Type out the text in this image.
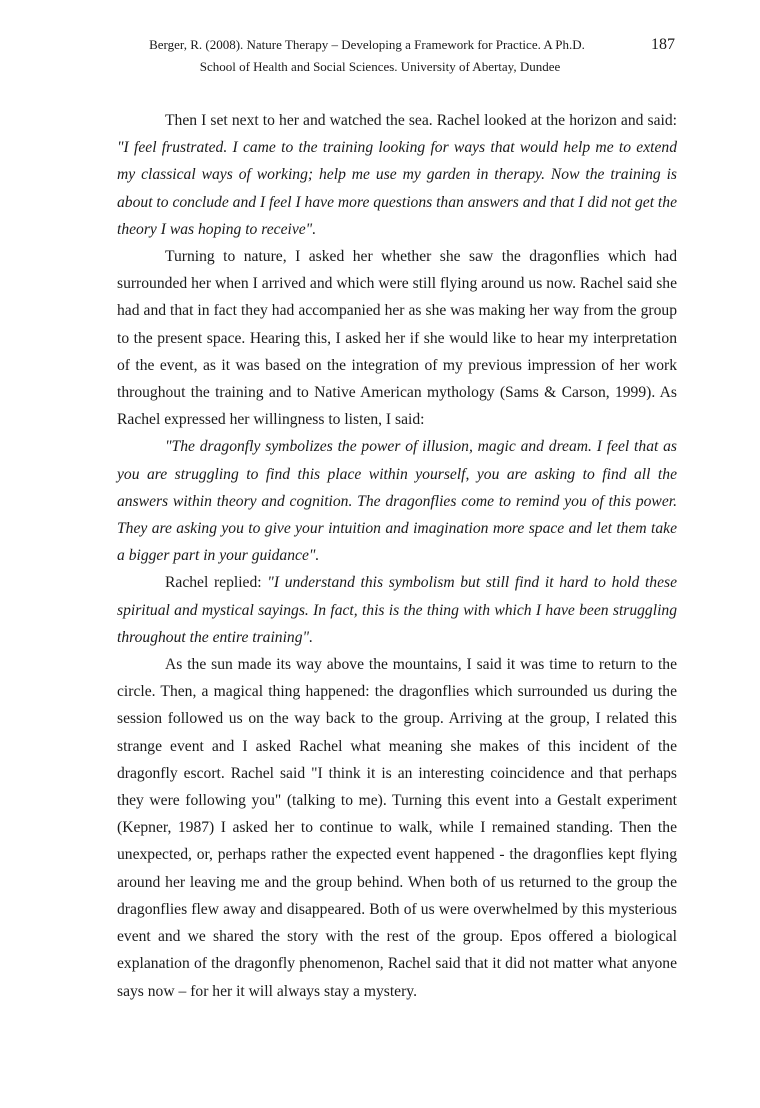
Berger, R. (2008). Nature Therapy – Developing a Framework for Practice. A Ph.D.
School of Health and Social Sciences. University of Abertay, Dundee
187

Then I set next to her and watched the sea. Rachel looked at the horizon and said: "I feel frustrated. I came to the training looking for ways that would help me to extend my classical ways of working; help me use my garden in therapy. Now the training is about to conclude and I feel I have more questions than answers and that I did not get the theory I was hoping to receive".

Turning to nature, I asked her whether she saw the dragonflies which had surrounded her when I arrived and which were still flying around us now. Rachel said she had and that in fact they had accompanied her as she was making her way from the group to the present space. Hearing this, I asked her if she would like to hear my interpretation of the event, as it was based on the integration of my previous impression of her work throughout the training and to Native American mythology (Sams & Carson, 1999). As Rachel expressed her willingness to listen, I said:

"The dragonfly symbolizes the power of illusion, magic and dream. I feel that as you are struggling to find this place within yourself, you are asking to find all the answers within theory and cognition. The dragonflies come to remind you of this power. They are asking you to give your intuition and imagination more space and let them take a bigger part in your guidance".

Rachel replied: "I understand this symbolism but still find it hard to hold these spiritual and mystical sayings. In fact, this is the thing with which I have been struggling throughout the entire training".

As the sun made its way above the mountains, I said it was time to return to the circle. Then, a magical thing happened: the dragonflies which surrounded us during the session followed us on the way back to the group. Arriving at the group, I related this strange event and I asked Rachel what meaning she makes of this incident of the dragonfly escort. Rachel said "I think it is an interesting coincidence and that perhaps they were following you" (talking to me). Turning this event into a Gestalt experiment (Kepner, 1987) I asked her to continue to walk, while I remained standing. Then the unexpected, or, perhaps rather the expected event happened - the dragonflies kept flying around her leaving me and the group behind. When both of us returned to the group the dragonflies flew away and disappeared. Both of us were overwhelmed by this mysterious event and we shared the story with the rest of the group. Epos offered a biological explanation of the dragonfly phenomenon, Rachel said that it did not matter what anyone says now – for her it will always stay a mystery.
